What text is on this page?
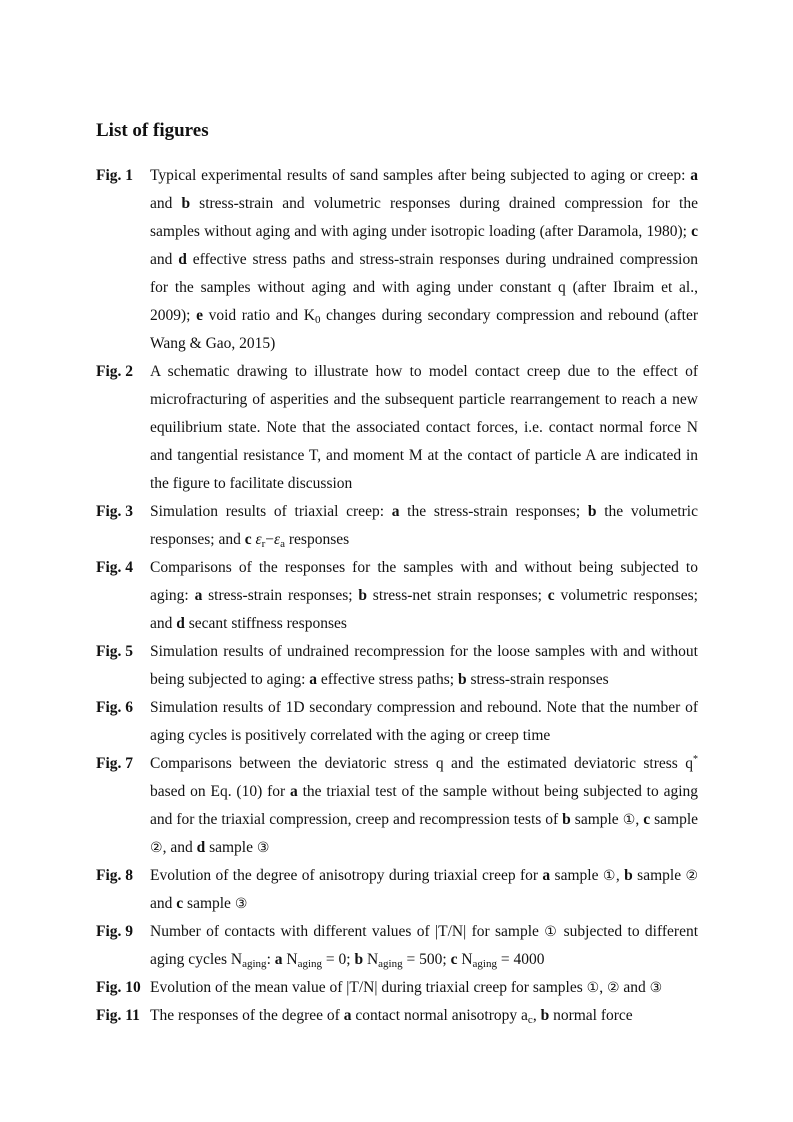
List of figures
Fig. 1 Typical experimental results of sand samples after being subjected to aging or creep: a and b stress-strain and volumetric responses during drained compression for the samples without aging and with aging under isotropic loading (after Daramola, 1980); c and d effective stress paths and stress-strain responses during undrained compression for the samples without aging and with aging under constant q (after Ibraim et al., 2009); e void ratio and $K_0$ changes during secondary compression and rebound (after Wang & Gao, 2015)

Fig. 2 A schematic drawing to illustrate how to model contact creep due to the effect of microfracturing of asperities and the subsequent particle rearrangement to reach a new equilibrium state. Note that the associated contact forces, i.e. contact normal force N and tangential resistance T, and moment M at the contact of particle A are indicated in the figure to facilitate discussion

Fig. 3 Simulation results of triaxial creep: a the stress-strain responses; b the volumetric responses; and c $\varepsilon_r-\varepsilon_a$ responses

Fig. 4 Comparisons of the responses for the samples with and without being subjected to aging: a stress-strain responses; b stress-net strain responses; c volumetric responses; and d secant stiffness responses

Fig. 5 Simulation results of undrained recompression for the loose samples with and without being subjected to aging: a effective stress paths; b stress-strain responses

Fig. 6 Simulation results of 1D secondary compression and rebound. Note that the number of aging cycles is positively correlated with the aging or creep time

Fig. 7 Comparisons between the deviatoric stress q and the estimated deviatoric stress q* based on Eq. (10) for a the triaxial test of the sample without being subjected to aging and for the triaxial compression, creep and recompression tests of b sample ①, c sample ②, and d sample ③

Fig. 8 Evolution of the degree of anisotropy during triaxial creep for a sample ①, b sample ② and c sample ③

Fig. 9 Number of contacts with different values of |T/N| for sample ① subjected to different aging cycles $N_{aging}$: a $N_{aging} = 0$; b $N_{aging} = 500$; c $N_{aging} = 4000$

Fig. 10 Evolution of the mean value of |T/N| during triaxial creep for samples ①, ② and ③

Fig. 11 The responses of the degree of a contact normal anisotropy $a_c$, b normal force
